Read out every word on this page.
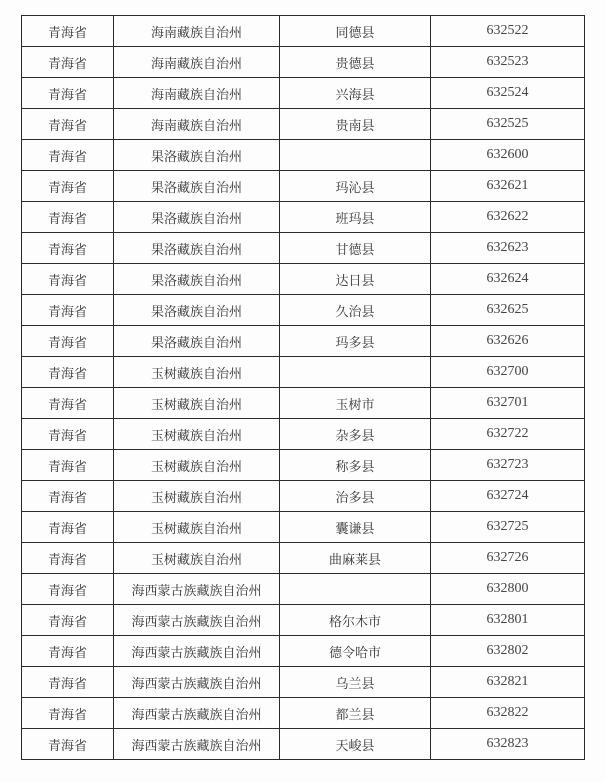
青海省	海南藏族自治州	同德县	632522
青海省	海南藏族自治州	贵德县	632523
青海省	海南藏族自治州	兴海县	632524
青海省	海南藏族自治州	贵南县	632525
青海省	果洛藏族自治州		632600
青海省	果洛藏族自治州	玛沁县	632621
青海省	果洛藏族自治州	班玛县	632622
青海省	果洛藏族自治州	甘德县	632623
青海省	果洛藏族自治州	达日县	632624
青海省	果洛藏族自治州	久治县	632625
青海省	果洛藏族自治州	玛多县	632626
青海省	玉树藏族自治州		632700
青海省	玉树藏族自治州	玉树市	632701
青海省	玉树藏族自治州	杂多县	632722
青海省	玉树藏族自治州	称多县	632723
青海省	玉树藏族自治州	治多县	632724
青海省	玉树藏族自治州	囊谦县	632725
青海省	玉树藏族自治州	曲麻莱县	632726
青海省	海西蒙古族藏族自治州		632800
青海省	海西蒙古族藏族自治州	格尔木市	632801
青海省	海西蒙古族藏族自治州	德令哈市	632802
青海省	海西蒙古族藏族自治州	乌兰县	632821
青海省	海西蒙古族藏族自治州	都兰县	632822
青海省	海西蒙古族藏族自治州	天峻县	632823
